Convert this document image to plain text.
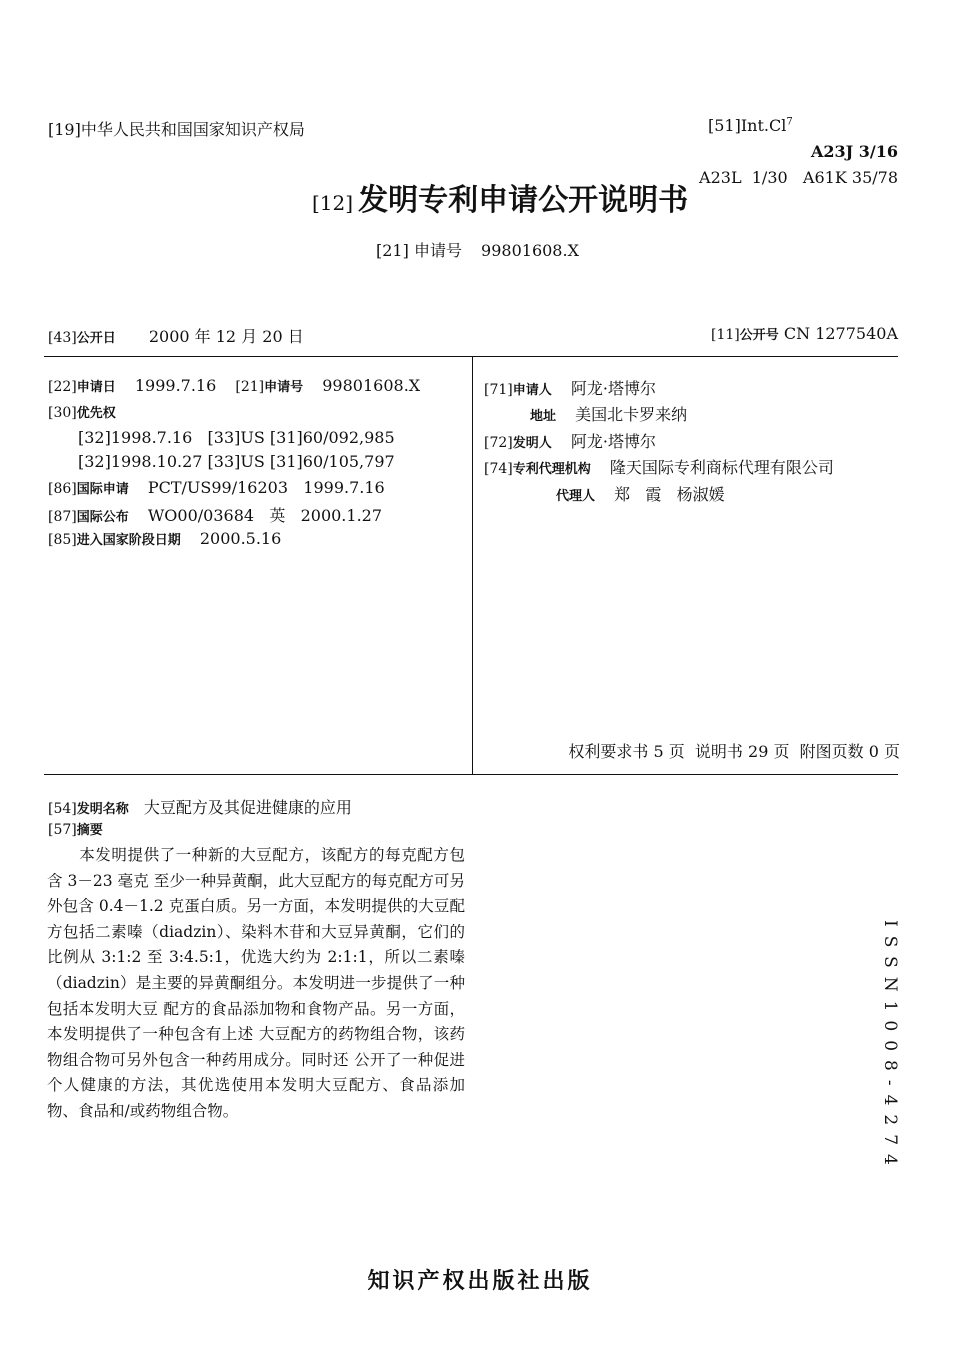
[19]中华人民共和国国家知识产权局
[12] 发明专利申请公开说明书
[21] 申请号 99801608.X
[51]Int.Cl$^7$
A23J 3/16
A23L  1/30   A61K 35/78
[43]公开日 2000 年 12 月 20 日	[11]公开号 CN 1277540A
[22]申请日 1999.7.16 [21]申请号 99801608.X
[30]优先权
[32]1998.7.16   [33]US [31]60/092,985
[32]1998.10.27 [33]US [31]60/105,797
[86]国际申请 PCT/US99/16203   1999.7.16
[87]国际公布 WO00/03684   英   2000.1.27
[85]进入国家阶段日期 2000.5.16
[71]申请人 阿龙·塔博尔
地址 美国北卡罗来纳
[72]发明人 阿龙·塔博尔
[74]专利代理机构 隆天国际专利商标代理有限公司
代理人 郑   霞   杨淑媛
权利要求书 5 页  说明书 29 页  附图页数 0 页
[54]发明名称 大豆配方及其促进健康的应用
[57]摘要
　　本发明提供了一种新的大豆配方，该配方的每克配方包含 3－23 毫克 至少一种异黄酮，此大豆配方的每克配方可另外包含 0.4－1.2 克蛋白质。另一方面，本发明提供的大豆配方包括二素嗪（diadzin）、染料木苷和大豆异黄酮，它们的比例从 3:1:2 至 3:4.5:1，优选大约为 2:1:1，所以二素嗪（diadzin）是主要的异黄酮组分。本发明进一步提供了一种包括本发明大豆 配方的食品添加物和食物产品。另一方面，本发明提供了一种包含有上述 大豆配方的药物组合物，该药物组合物可另外包含一种药用成分。同时还 公开了一种促进个人健康的方法，其优选使用本发明大豆配方、食品添加 物、食品和/或药物组合物。	ISSN1008-4274
知识产权出版社出版
